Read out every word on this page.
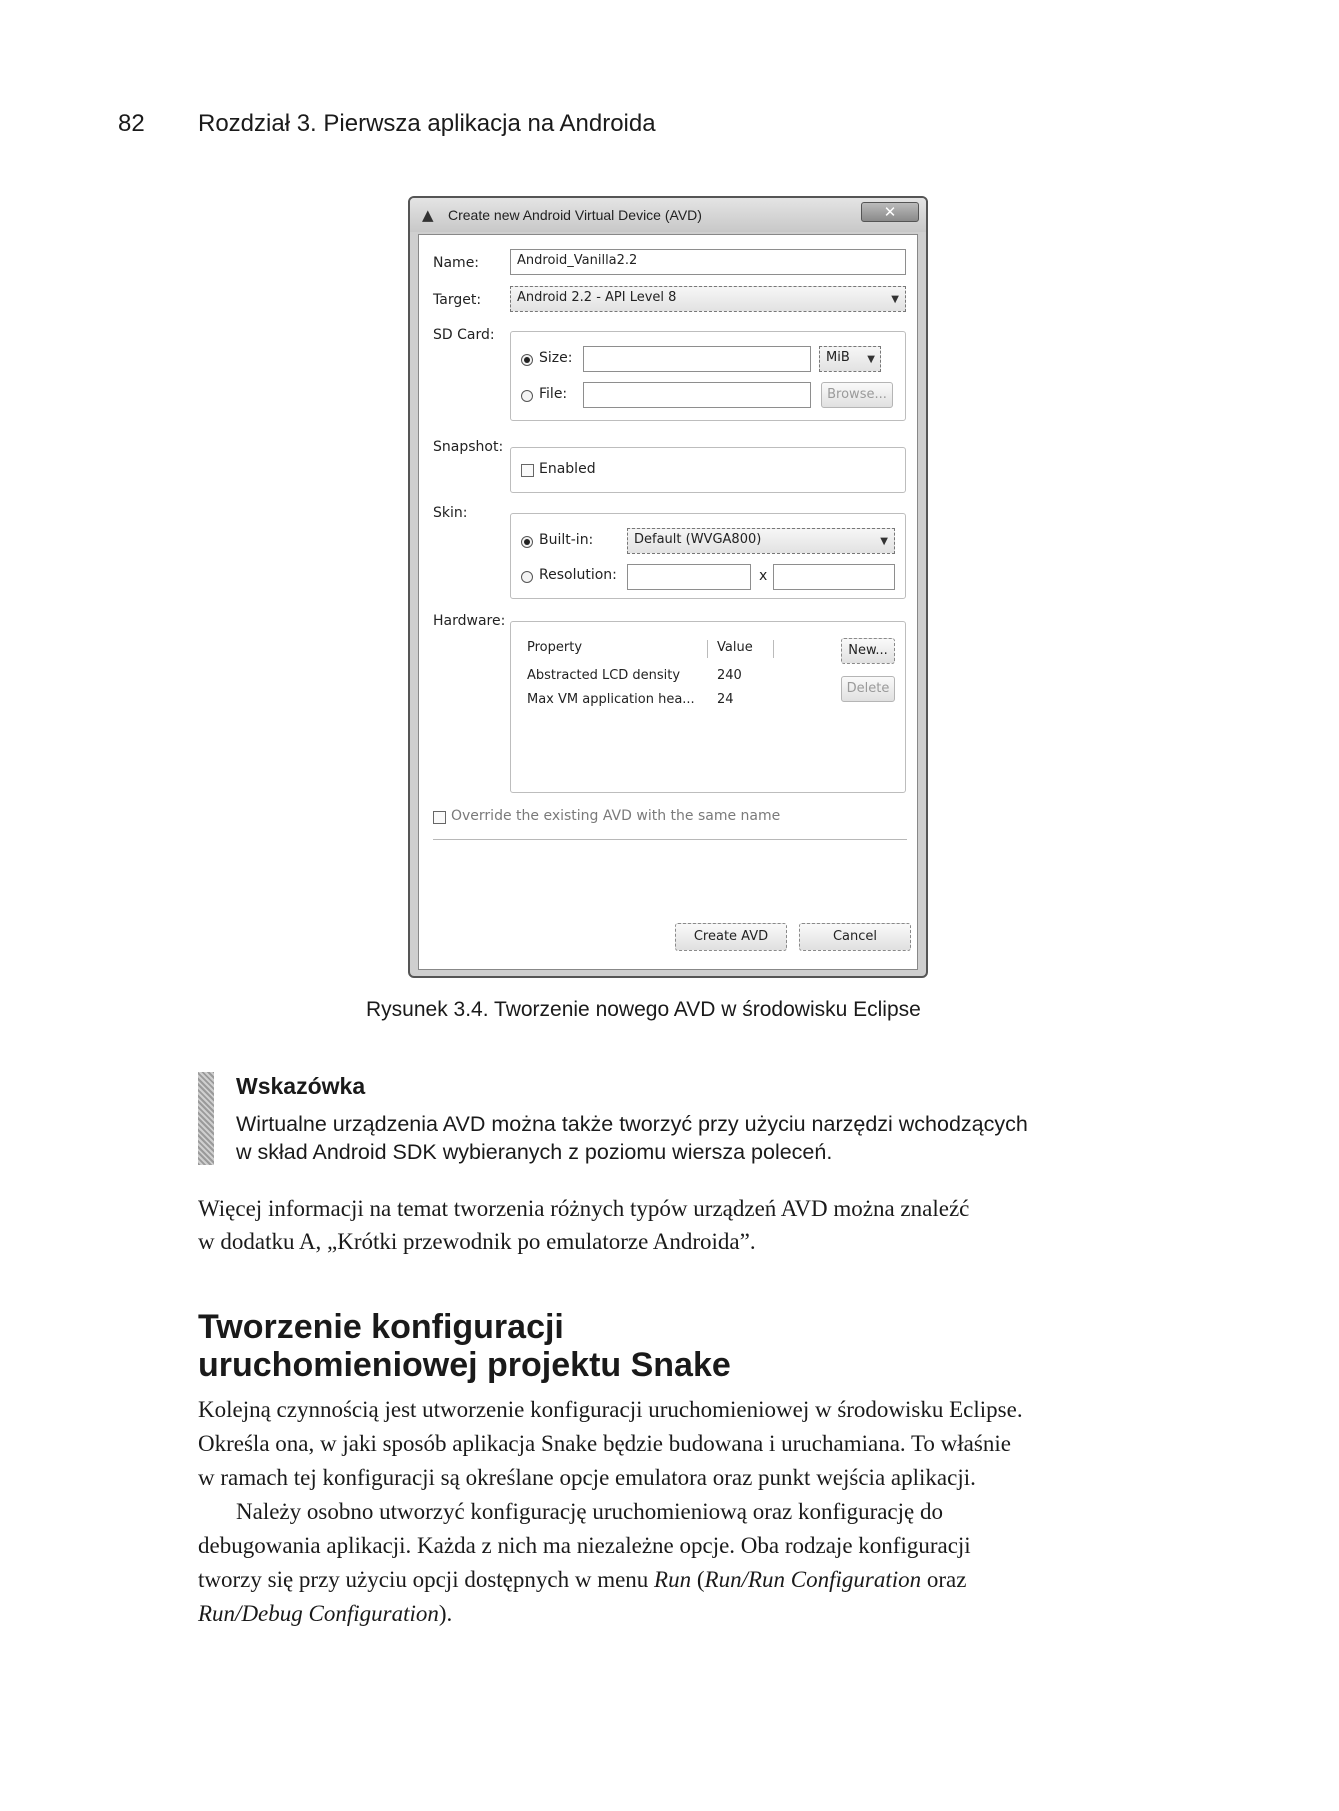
82 Rozdział 3. Pierwsza aplikacja na Androida
▲	Create new Android Virtual Device (AVD)	✕
Name:	Android_Vanilla2.2
Target:	Android 2.2 - API Level 8	▼
SD Card:
Size:	MiB ▼
File:	Browse...
Snapshot:
Enabled
Skin:
Built-in:	Default (WVGA800)	▼
Resolution:	x
Hardware:
Property	Value
Abstracted LCD density	240
Max VM application hea... 24
New...
Delete
Override the existing AVD with the same name
Create AVD	Cancel
Rysunek 3.4. Tworzenie nowego AVD w środowisku Eclipse
Wskazówka
Wirtualne urządzenia AVD można także tworzyć przy użyciu narzędzi wchodzących
w skład Android SDK wybieranych z poziomu wiersza poleceń.
Więcej informacji na temat tworzenia różnych typów urządzeń AVD można znaleźć
w dodatku A, „Krótki przewodnik po emulatorze Androida”.
Tworzenie konfiguracji
uruchomieniowej projektu Snake
Kolejną czynnością jest utworzenie konfiguracji uruchomieniowej w środowisku Eclipse.
Określa ona, w jaki sposób aplikacja Snake będzie budowana i uruchamiana. To właśnie
w ramach tej konfiguracji są określane opcje emulatora oraz punkt wejścia aplikacji.
Należy osobno utworzyć konfigurację uruchomieniową oraz konfigurację do
debugowania aplikacji. Każda z nich ma niezależne opcje. Oba rodzaje konfiguracji
tworzy się przy użyciu opcji dostępnych w menu Run (Run/Run Configuration oraz
Run/Debug Configuration).
